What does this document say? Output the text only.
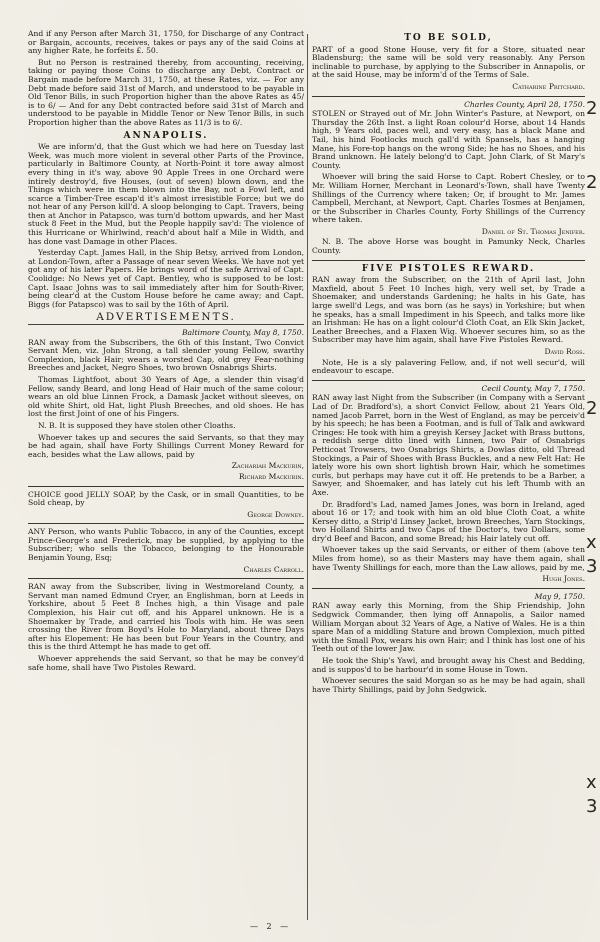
And if any Person after March 31, 1750, for Discharge of any Contract or Bargain, accounts, receives, takes or pays any of the said Coins at any higher Rate, he forfeits £. 50.

But no Person is restrained thereby, from accounting, receiving, taking or paying those Coins to discharge any Debt, Contract or Bargain made before March 31, 1750, at these Rates, viz. — For any Debt made before said 31st of March, and understood to be payable in Old Tenor Bills, in such Proportion higher than the above Rates as 45/ is to 6/ — And for any Debt contracted before said 31st of March and understood to be payable in Middle Tenor or New Tenor Bills, in such Proportion higher than the above Rates as 11/3 is to 6/.

ANNAPOLIS.

We are inform'd, that the Gust which we had here on Tuesday last Week, was much more violent in several other Parts of the Province, particularly in Baltimore County, at North-Point it tore away almost every thing in it's way, above 90 Apple Trees in one Orchard were intirely destroy'd, five Houses, (out of seven) blown down, and the Things which were in them blown into the Bay, not a Fowl left, and scarce a Timber-Tree escap'd it's almost irresistible Force; but we do not hear of any Person kill'd. A sloop belonging to Capt. Travers, being then at Anchor in Patapsco, was turn'd bottom upwards, and her Mast stuck 8 Feet in the Mud, but the People happily sav'd: The violence of this Hurricane or Whirlwind, reach'd about half a Mile in Width, and has done vast Damage in other Places.

Yesterday Capt. James Hall, in the Ship Betsy, arrived from London, at London-Town, after a Passage of near seven Weeks. We have not yet got any of his later Papers. He brings word of the safe Arrival of Capt. Coolidge: No News yet of Capt. Bentley, who is supposed to be lost: Capt. Isaac Johns was to sail immediately after him for South-River, being clear'd at the Custom House before he came away; and Capt. Biggs (for Patapsco) was to sail by the 16th of April.

ADVERTISEMENTS.
Baltimore County, May 8, 1750.

RAN away from the Subscribers, the 6th of this Instant, Two Convict Servant Men, viz. John Strong, a tall slender young Fellow, swarthy Complexion, black Hair; wears a worsted Cap, old grey Fear-nothing Breeches and Jacket, Negro Shoes, two brown Osnabrigs Shirts.

Thomas Lightfoot, about 30 Years of Age, a slender thin visag'd Fellow, sandy Beard, and long Head of Hair much of the same colour; wears an old blue Linnen Frock, a Damask Jacket without sleeves, on old white Shirt, old Hat, light Plush Breeches, and old shoes. He has lost the first Joint of one of his Fingers.

N. B. It is supposed they have stolen other Cloaths.

Whoever takes up and secures the said Servants, so that they may be had again, shall have Forty Shillings Current Money Reward for each, besides what the Law allows, paid by

Zachariah Mackubin,
Richard Mackubin.

CHOICE good JELLY SOAP, by the Cask, or in small Quantities, to be Sold cheap, by

George Downey.

ANY Person, who wants Public Tobacco, in any of the Counties, except Prince-George's and Frederick, may be supplied, by applying to the Subscriber; who sells the Tobacco, belonging to the Honourable Benjamin Young, Esq;

Charles Carroll.

RAN away from the Subscriber, living in Westmoreland County, a Servant man named Edmund Cryer, an Englishman, born at Leeds in Yorkshire, about 5 Feet 8 Inches high, a thin Visage and pale Complexion, his Hair cut off, and his Apparel unknown. He is a Shoemaker by Trade, and carried his Tools with him. He was seen crossing the River from Boyd's Hole to Maryland, about three Days after his Elopement: He has been but Four Years in the Country, and this is the third Attempt he has made to get off.

Whoever apprehends the said Servant, so that he may be convey'd safe home, shall have Two Pistoles Reward.

TO BE SOLD,

PART of a good Stone House, very fit for a Store, situated near Bladensburg; the same will be sold very reasonably. Any Person inclinable to purchase, by applying to the Subscriber in Annapolis, or at the said House, may be inform'd of the Terms of Sale.

Catharine Pritchard.
Charles County, April 28, 1750.

STOLEN or Strayed out of Mr. John Winter's Pasture, at Newport, on Thursday the 26th Inst. a light Roan colour'd Horse, about 14 Hands high, 9 Years old, paces well, and very easy, has a black Mane and Tail, his hind Footlocks much gall'd with Spansels, has a hanging Mane, his Fore-top hangs on the wrong Side; he has no Shoes, and his Brand unknown. He lately belong'd to Capt. John Clark, of St Mary's County.

Whoever will bring the said Horse to Capt. Robert Chesley, or to Mr. William Horner, Merchant in Leonard's-Town, shall have Twenty Shillings of the Currency where taken; Or, if brought to Mr. James Campbell, Merchant, at Newport, Capt. Charles Tosmes at Benjamen, or the Subscriber in Charles County, Forty Shillings of the Currency where taken.

Daniel of St. Thomas Jenifer.

N. B. The above Horse was bought in Pamunky Neck, Charles County.

FIVE PISTOLES REWARD.

RAN away from the Subscriber, on the 21th of April last, John Maxfield, about 5 Feet 10 Inches high, very well set, by Trade a Shoemaker, and understands Gardening; he halts in his Gate, has large swell'd Legs, and was born (as he says) in Yorkshire; but when he speaks, has a small Impediment in his Speech, and talks more like an Irishman: He has on a light colour'd Cloth Coat, an Elk Skin Jacket, Leather Breeches, and a Flaxen Wig. Whoever secures him, so as the Subscriber may have him again, shall have Five Pistoles Reward.

David Ross.

Note, He is a sly palavering Fellow, and, if not well secur'd, will endeavour to escape.

Cecil County, May 7, 1750.

RAN away last Night from the Subscriber (in Company with a Servant Lad of Dr. Bradford's), a short Convict Fellow, about 21 Years Old, named Jacob Parret, born in the West of England, as may be perceiv'd by his speech; he has been a Footman, and is full of Talk and awkward Cringes: He took with him a greyish Kersey Jacket with Brass buttons, a reddish serge ditto lined with Linnen, two Pair of Osnabrigs Petticoat Trowsers, two Osnabrigs Shirts, a Dowlas ditto, old Thread Stockings, a Pair of Shoes with Brass Buckles, and a new Felt Hat: He lately wore his own short lightish brown Hair, which he sometimes curls, but perhaps may have cut it off. He pretends to be a Barber, a Sawyer, and Shoemaker, and has lately cut his left Thumb with an Axe.

Dr. Bradford's Lad, named James Jones, was born in Ireland, aged about 16 or 17; and took with him an old blue Cloth Coat, a white Kersey ditto, a Strip'd Linsey Jacket, brown Breeches, Yarn Stockings, two Holland Shirts and two Caps of the Doctor's, two Dollars, some dry'd Beef and Bacon, and some Bread; his Hair lately cut off.

Whoever takes up the said Servants, or either of them (above ten Miles from home), so as their Masters may have them again, shall have Twenty Shillings for each, more than the Law allows, paid by me,

Hugh Jones.
May 9, 1750.

RAN away early this Morning, from the Ship Friendship, John Sedgwick Commander, then lying off Annapolis, a Sailor named William Morgan about 32 Years of Age, a Native of Wales. He is a thin spare Man of a middling Stature and brown Complexion, much pitted with the Small Pox, wears his own Hair; and I think has lost one of his Teeth out of the lower Jaw.

He took the Ship's Yawl, and brought away his Chest and Bedding, and is suppos'd to be harbour'd in some House in Town.

Whoever secures the said Morgan so as he may be had again, shall have Thirty Shillings, paid by John Sedgwick.

2
2
2
x
3
x
3
— 2 —
